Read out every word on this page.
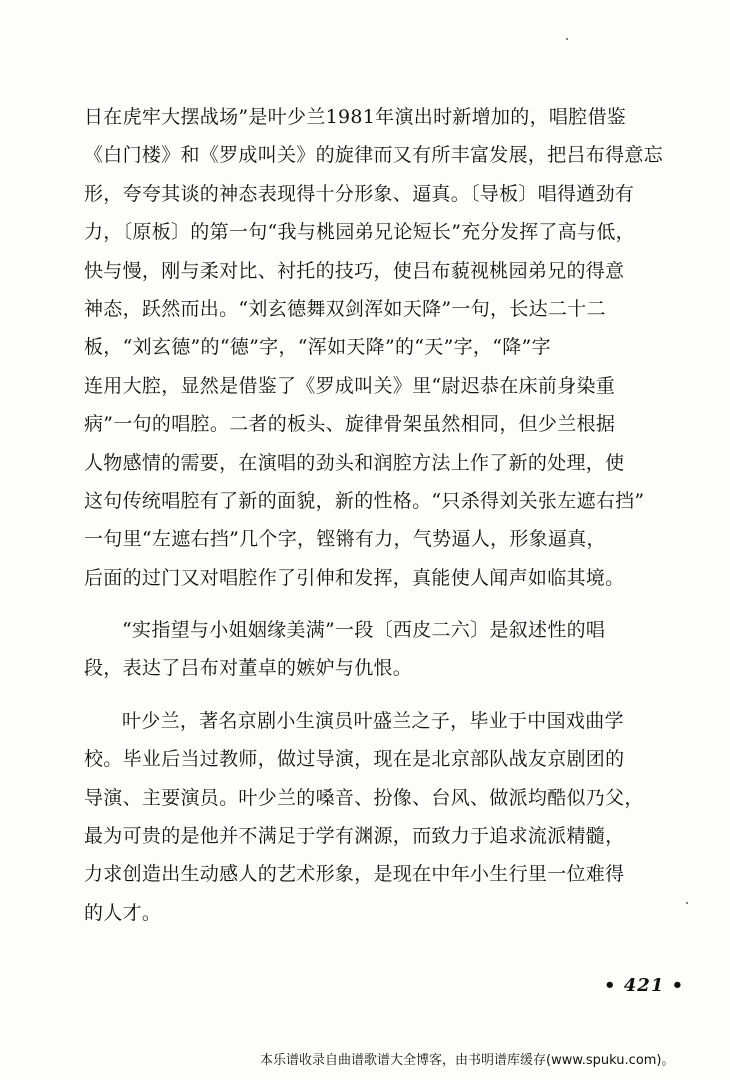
日在虎牢大摆战场”是叶少兰1981年演出时新增加的，唱腔借鉴
《白门楼》和《罗成叫关》的旋律而又有所丰富发展，把吕布得意忘
形，夸夸其谈的神态表现得十分形象、逼真。〔导板〕唱得遒劲有
力，〔原板〕的第一句“我与桃园弟兄论短长”充分发挥了高与低，
快与慢，刚与柔对比、衬托的技巧，使吕布藐视桃园弟兄的得意
神态，跃然而出。“刘玄德舞双剑浑如天降”一句，长达二十二
板，“刘玄德”的“德”字，“浑如天降”的“天”字，“降”字
连用大腔，显然是借鉴了《罗成叫关》里“尉迟恭在床前身染重
病”一句的唱腔。二者的板头、旋律骨架虽然相同，但少兰根据
人物感情的需要，在演唱的劲头和润腔方法上作了新的处理，使
这句传统唱腔有了新的面貌，新的性格。“只杀得刘关张左遮右挡”
一句里“左遮右挡”几个字，铿锵有力，气势逼人，形象逼真，
后面的过门又对唱腔作了引伸和发挥，真能使人闻声如临其境。
“实指望与小姐姻缘美满”一段〔西皮二六〕是叙述性的唱
段，表达了吕布对董卓的嫉妒与仇恨。
叶少兰，著名京剧小生演员叶盛兰之子，毕业于中国戏曲学
校。毕业后当过教师，做过导演，现在是北京部队战友京剧团的
导演、主要演员。叶少兰的嗓音、扮像、台风、做派均酷似乃父，
最为可贵的是他并不满足于学有渊源，而致力于追求流派精髓，
力求创造出生动感人的艺术形象，是现在中年小生行里一位难得
的人才。
• 421 •
本乐谱收录自曲谱歌谱大全博客，由书明谱库缓存(www.spuku.com)。
